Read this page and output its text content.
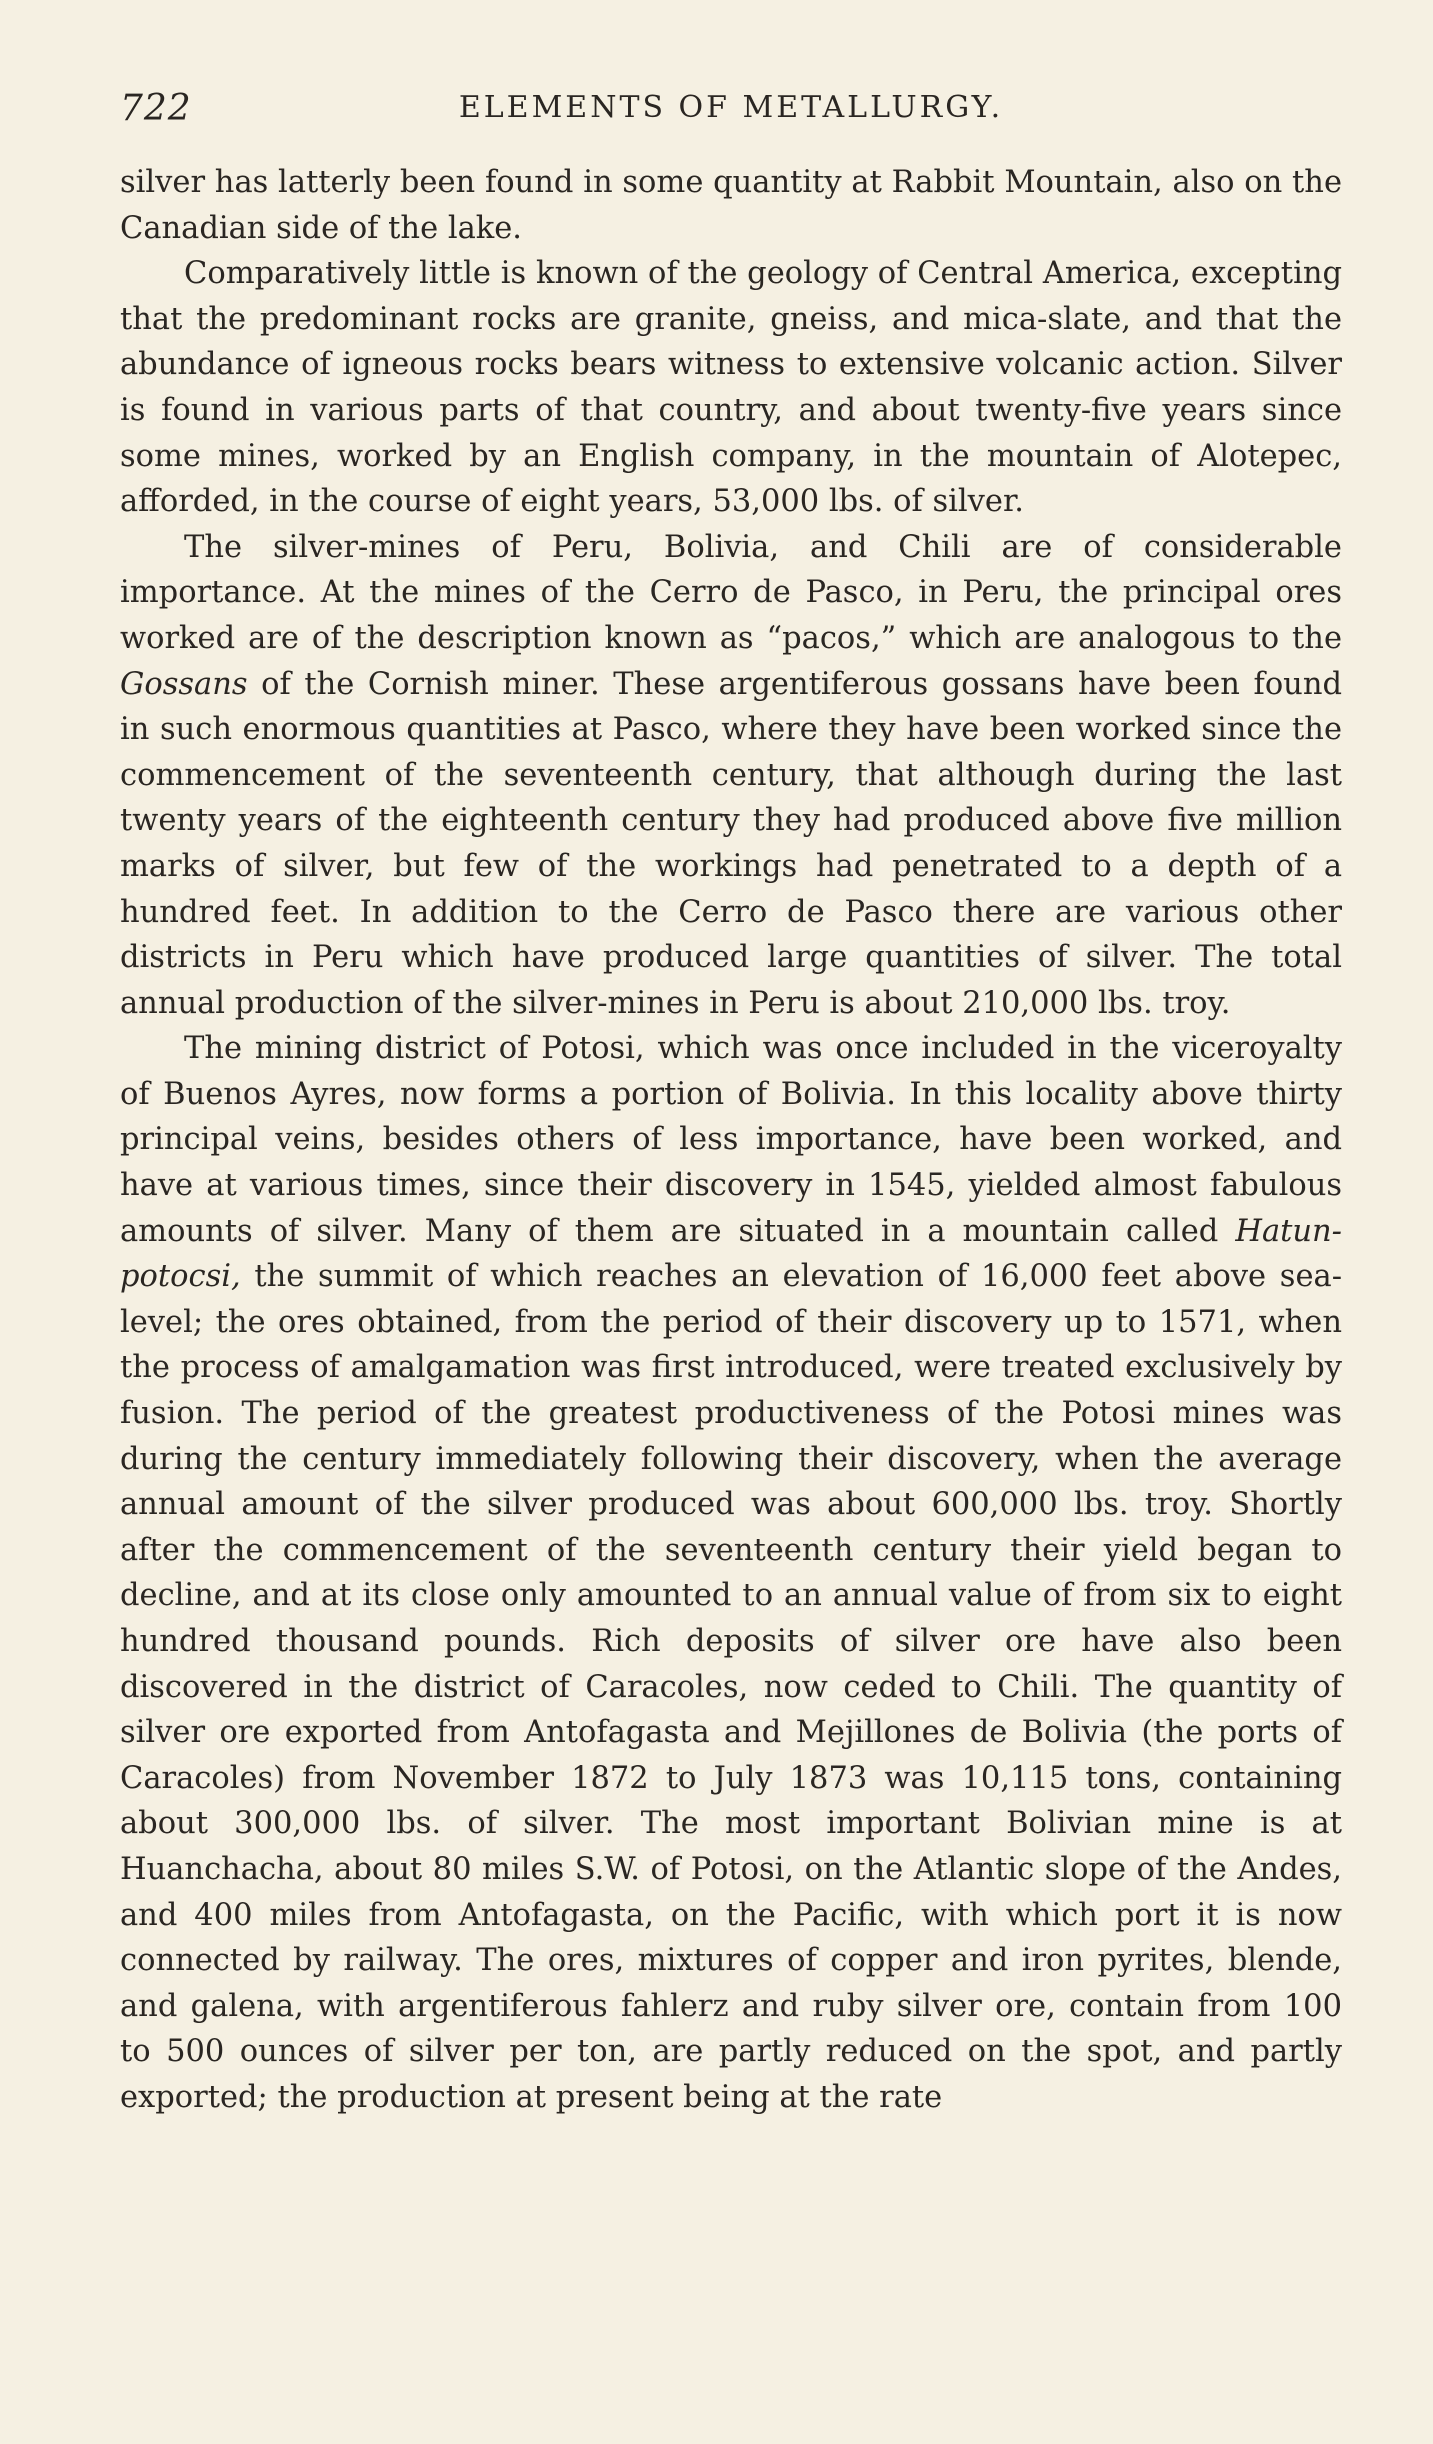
722	ELEMENTS OF METALLURGY.

silver has latterly been found in some quantity at Rabbit Mountain, also on the Canadian side of the lake.

Comparatively little is known of the geology of Central America, excepting that the predominant rocks are granite, gneiss, and mica-slate, and that the abundance of igneous rocks bears witness to extensive volcanic action. Silver is found in various parts of that country, and about twenty-five years since some mines, worked by an English company, in the mountain of Alotepec, afforded, in the course of eight years, 53,000 lbs. of silver.

The silver-mines of Peru, Bolivia, and Chili are of considerable importance. At the mines of the Cerro de Pasco, in Peru, the principal ores worked are of the description known as “pacos,” which are analogous to the Gossans of the Cornish miner. These argentiferous gossans have been found in such enormous quantities at Pasco, where they have been worked since the commencement of the seventeenth century, that although during the last twenty years of the eighteenth century they had produced above five million marks of silver, but few of the workings had penetrated to a depth of a hundred feet. In addition to the Cerro de Pasco there are various other districts in Peru which have produced large quantities of silver. The total annual production of the silver-mines in Peru is about 210,000 lbs. troy.

The mining district of Potosi, which was once included in the viceroyalty of Buenos Ayres, now forms a portion of Bolivia. In this locality above thirty principal veins, besides others of less importance, have been worked, and have at various times, since their discovery in 1545, yielded almost fabulous amounts of silver. Many of them are situated in a mountain called Hatun-potocsi, the summit of which reaches an elevation of 16,000 feet above sea-level; the ores obtained, from the period of their discovery up to 1571, when the process of amalgamation was first introduced, were treated exclusively by fusion. The period of the greatest productiveness of the Potosi mines was during the century immediately following their discovery, when the average annual amount of the silver produced was about 600,000 lbs. troy. Shortly after the commencement of the seventeenth century their yield began to decline, and at its close only amounted to an annual value of from six to eight hundred thousand pounds. Rich deposits of silver ore have also been discovered in the district of Caracoles, now ceded to Chili. The quantity of silver ore exported from Antofagasta and Mejillones de Bolivia (the ports of Caracoles) from November 1872 to July 1873 was 10,115 tons, containing about 300,000 lbs. of silver. The most important Bolivian mine is at Huanchacha, about 80 miles S.W. of Potosi, on the Atlantic slope of the Andes, and 400 miles from Antofagasta, on the Pacific, with which port it is now connected by railway. The ores, mixtures of copper and iron pyrites, blende, and galena, with argentiferous fahlerz and ruby silver ore, contain from 100 to 500 ounces of silver per ton, are partly reduced on the spot, and partly exported; the production at present being at the rate
